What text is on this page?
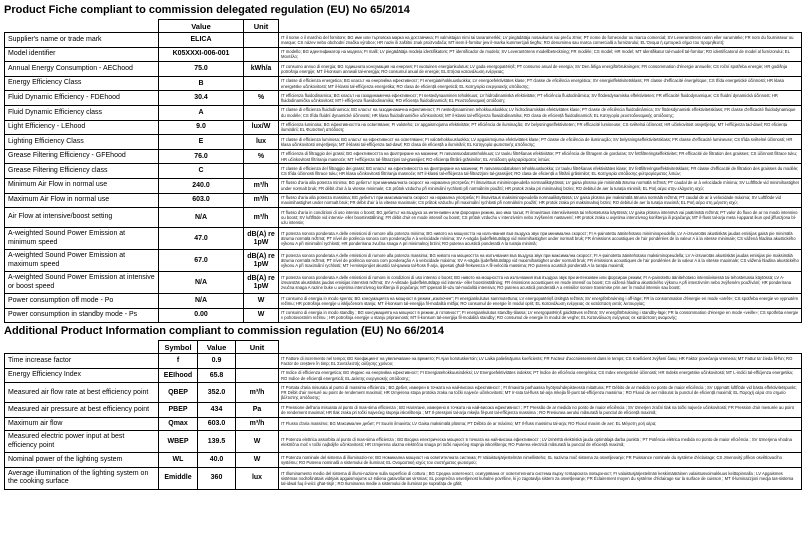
Product Fiche compliant to commission delegated regulation (EU) No 65/2014
	Value	Unit	
Supplier's name or trade mark	ELICA		IT il nome o il marchio del fornitore; BG име или търговска марка на доставчика; FI valmistajan nimi tai tavaramerkki; LV piegādātāja nosaukums vai preču zīme; PT nome do fornecedor ou marca comercial; SV Leverantörens namn eller varumärke; FR nom du fournisseur ou marque; CS název nebo obchodní značka výrobce; HR naziv ili zaštitni znak proizvođača; MT isem il-fornitur jew il-marka kummerċjali tiegħu; RO denumirea sau marca comercială a furnizorului; EL Όνομα ή εμπορικό σήμα του προμηθευτή;
Model identifier	K05XXXI-006-001		IT modello; BG идентификатор на модела; FI malli; LV piegādātāja modeļa identifikators; PT identificador de modelo; SV Leverantörens modellbeteckning; FR modèle; CS model; HR model; MT Identifikatur tal-mudell tal-fornitur; RO identificatorul de model al furnizorului; EL Μοντέλο;
Annual Energy Consumption - AEChood	75.0	kWh/a	IT consumo annuo di energia; BG годишната консумация на енергия; FI vuotuinen energiankulutus; LV gada energopatēriņš; PT consumo anual de energia; SV Den årliga energiförbrukningen; FR consommation d'énergie annuelle; CS roční spotřeba energie; HR godišnja potrošnja energije; MT il-konsum annwali tal-enerġija; RO consumul anual de energie; EL Ετήσια κατανάλωση ενέργειας;
Energy Efficiency Class	B		IT classe di efficienza energetica; BG класът на енергийна ефективност; FI energiatehokkuusluokka; LV energoefektivitātes klase; PT classe de eficiência energética; SV energieffektivitetsklass; FR classe d'efficacité énergétique; CS třída energetické účinnosti; HR klasa energetske učinkovitosti; MT il-klassi tal-effiċjenza enerġetika; RO clasa de eficiență energetică; EL Κατηγορία ενεργειακής απόδοσης;
Fluid Dynamic Efficiency - FDEhood	30.4	%	IT efficienza fluidodinamica; BG класът на газодинамична ефективност; FI nestedynaaminen tehokkuus; LV hidrodinamiskā efektivitāte; PT eficiência fluidodinâmica; SV flödesdynamiska effektiviteten; FR efficacité fluidodynamique; CS fluidní dynamická účinnost; HR fluidodinamička učinkovitost; MT l-effiċjenza fluwidodinamika; RO eficiența fluidodinamică; EL Ρευστοδυναμική απόδοση;
Fluid Dynamic Efficiency class	A		IT classe di efficienza fluidodinamica; BG класът на газодинамична ефективност; FI nestedynaaminen tehokkuusluokka; LV hidrodinamiskās efektivitātes klase; PT classe de eficiência fluidodinâmica; SV flödesdynamisk effektivitetsklass; FR classe d'efficacité fluidodynamique du modèle; CS třída fluidní dynamické účinnosti; HR klasa fluidodinamičke učinkovitosti; MT il-klassi tal-effiċjenza fluwidodinamika; RO clasa de eficiență fluidodinamică; EL Κατηγορία ρευστοδυναμικής απόδοσης;
Light Efficiency - LEhood	9.0	lux/W	IT efficienza luminosa; BG ефективността на осветяване; FI valoteho; LV apgaismojuma efektivitāte; PT eficiência de iluminação; SV belysningseffektiviteten; FR efficacité lumineuse; CS světelná účinnost; HR učinkovitost osvjetljenja; MT l-effiċjenza tad-dawl; RO eficiența iluminării; EL Φωτιστική απόδοση;
Lighting Efficiency Class	E	lux	IT classe di efficienza luminosa; BG класът на ефективност на осветяване; FI valotehokkuusluokka; LV apgaismojuma efektivitātes klase; PT classe de eficiência de iluminação; SV belysningseffektivitetsklass; FR classe d'efficacité lumineuse; CS třída světelné účinnosti; HR klasa učinkovitosti osvjetljenja; MT il-klassi tal-effiċjenza tad-dawl; RO clasa de eficiență a iluminării; EL Κατηγορία φωτιστικής απόδοσης;
Grease Filtering Efficiency - GFEhood	76.0	%	IT efficienza di filtraggio dei grassi; BG ефективността на филтриране на мазнини; FI rasvansuodatustehokkuus; LV tauku filtrēšanas efektivitāte; PT eficiência de filtragem de gorduras; SV fettfiltreringseffektivitet; FR efficacité de filtration des graisses; CS účinnost filtrace tuku; HR učinkovitost filtriranja masnoće; MT l-effiċjenza tal-filtrazzjoni tal-grassijiet; RO eficiența filtrării grăsimilor; EL Απόδοση φιλτραρίσματος λιπών;
Grease Filtering Efficiency class	C		IT classe di efficienza del filtraggio dei grassi; BG класът на ефективността на филтриране на мазнини; FI rasvansuodatuksen tehokkuusluokka; LV tauku filtrēšanas efektivitātes klase; SV fettfiltreringseffektivitetsklass; FR classe d'efficacité de filtration des graisses du modèle; CS třída účinnosti filtrace tuku; HR klasa učinkovitosti filtriranja masnoće; MT il-klassi tal-effiċjenza tal-filtrazzjoni tal-grassijiet; RO clasa de eficiență a filtrării grăsimilor; EL Κατηγορία απόδοσης φιλτραρίσματος λιπών;
Minimum Air Flow in normal use	240.0	m³/h	IT flusso d'aria alla potenza minima; BG дебитът при минималната скорост на нормална употреба; FI ilmavirtaus miniminopeudella normaalikäytössä; LV gaisa plūsma pie minimālā ātruma normālā režīmā; PT caudal de ar à velocidade mínima; SV Luftflöde vid minimihastighet under normalt bruk; FR débit d'air à la vitesse minimale; CS průtok vzduchu při minimální rychlosti při normálním použití; HR protok zraka pri minimalnoj brzini; RO debitul de aer la turația minimă; EL Ροή αέρα στην ελάχιστη ισχύ;
Maximum Air Flow in normal use	603.0	m³/h	IT flusso d'aria alla potenza massima; BG дебитът при максималната скорост на нормална употреба; FI ilmavirtaus maksiminopeudella normaalikäytössä; LV gaisa plūsma pie maksimālā ātruma normālā režīmā; PT caudal de ar à velocidade máxima; SV Luftflöde vid maximihastighet under normalt bruk; FR débit d'air à la vitesse maximale; CS průtok vzduchu při maximální rychlosti při normálním použití; HR protok zraka pri maksimalnoj brzini; RO debitul de aer la turația maximă; EL Ροή αέρα στη μέγιστη ισχύ;
Air Flow at intensive/boost setting	N/A	m³/h	IT flusso d'aria in condizioni di uso intenso o boost; BG дебитът на въздуха за интензивен или форсиран режим, ако има такъв; FI ilmavirtaus intensiivisessä tai tehostetussa käytössä; LV gaisa plūsma intensīvā vai paātrinātā režīmā; PT valor do fluxo de ar no modo intensivo ou boost; SV luftflöde vid intensiv- eller boostinställning; FR débit d'air en mode intensif ou boost; CS průtok vzduchu v intenzivním nebo zvýšeném nastavení; HR protok zraka u uvjetima intenzivnog korištenja ili pojačanja; MT il-fluss tal-arja meta l-apparat ikun qed jiffunzjona bl-użu intensiv;
A-weighted Sound Power Emission at minimum speed	47.0	dB(A) re 1pW	IT potenza sonora ponderata A delle emissioni di rumore alla potenza minima; BG нивото на мощността на излъчвания във въздуха звук при минимална скорост; FI A-painotettu äänitehotaso miniminopeudella; LV A-izsvarotās akustiskās jaudas emisijas gaisā pie minimālā ātruma normālā režīmā; PT nível de potência sonora com ponderação A à velocidade mínima; SV A-vägda ljudeffektutsläpp vid minimihastighet under normalt bruk; FR émissions acoustiques de l'air pondérées de la valeur A à la vitesse minimale; CS vážená hladina akustického výkonu A při minimální rychlosti; HR ponderirana zvučna snaga A pri minimalnoj brzini; RO puterea acustică ponderată A la turația minimă;
A-weighted Sound Power Emission at maximum speed	67.0	dB(A) re 1pW	IT potenza sonora ponderata A delle emissioni di rumore alla potenza massima; BG нивото на мощността на излъчвания във въздуха звук при максимална скорост; FI A-painotettu äänitehotaso maksiminopeudella; LV A-izsvarotās akustiskās jaudas emisijas pie maksimālā ātruma normālā režīmā; PT nível de potência sonora com ponderação A à velocidade máxima; SV A-vägda ljudeffektutsläpp vid maximihastighet under normalt bruk; FR émissions acoustiques de l'air pondérées de la valeur A à la vitesse maximale; CS vážená hladina akustického výkonu A při maximální rychlosti; MT l-emissjonijiet akustiċi tal-qawwa tal-ħoss fl-arja, ippesati għall-frekwenza A fil-veloċità massima; RO puterea acustică ponderată A la turația maximă;
A-weighted Sound Power Emission at intensive or boost speed	N/A	dB(A) re 1pW	IT potenza sonora ponderata A delle emissioni di rumore in condizioni di uso intenso o boost; BG нивото на мощността на излъчвания във въздуха звук при интензивен или форсиран режим; FI A-painotettu äänitehotaso intensiivisessä tai tehostetussa käytössä; LV A-izsvarotās akustiskās jaudas emisijas intensīvā režīmā; SV A-viktade ljudeffektutsläpp vid intensiv- eller boostinställning; FR émissions acoustiques en mode intensif ou boost; CS vážená hladina akustického výkonu A při intenzivním nebo zvýšeném používání; HR ponderirana zvučna snaga A razine buke u uvjetima intenzivnog korištenja ili pojačanja; MT ippesati bl-użu tal-modalità intensiva; RO puterea acustică ponderată A a emisiilor sonore transmise prin aer în modul intensiv sau boost;
Power consumption off mode - Po	N/A	W	IT consumo di energia in modo spento; BG консумацията на мощност в режим „изключен“; FI energiankulutus sammutettuna; LV energopatēriņš izslēgtā režīmā; SV energiförbrukning i off-läge; FR la consommation d'énergie en mode «arrêt»; CS spotřeba energie ve vypnutém režimu; HR potrošnja energije u isključenom stanju; MT il-konsum tal-enerġija fil-modalità mitfija; RO consumul de energie în modul oprit; EL Κατανάλωση ενέργειας σε κατάσταση εκτός λειτουργίας;
Power consumption in standby mode - Ps	0.00	W	IT consumo di energia in modo standby ; BG консумацията на мощност в режим „в готовност“; FI energiankulutus standby-tilassa; LV energopatēriņš gaidstāves režīmā; SV energiförbrukning i standby-läge; FR la consommation d'énergie en mode «veille»; CS spotřeba energie v pohotovostním režimu ; HR potrošnja energije u stanju pripravnosti; MT il-konsum tal-enerġija fil-modalità standby; RO consumul de energie în modul de veghe; EL Κατανάλωση ενέργειας σε κατάσταση αναμονής;
Additional Product Information compliant to commission regulation (EU) No 66/2014
	Symbol	Value	Unit	
Time increase factor	f	0.9		IT Fattore di incremento nel tempo; BG Коефициент на увеличаване на времето; FI Ajan korotuskerroin; LV Laika palielinājuma koeficients; FR Facteur d'accroissement dans le temps; CS Koeficient zvýšení času; HR Faktor povećanja vremena; MT Fattur ta' żieda fil-ħin; RO Factor de creștere în timp; EL Συντελεστής αύξησης χρόνου;
Energy Efficiency Index	EEIhood	65.8		IT Indice di efficienza energetica; BG Индекс на енергийна ефективност; FI Energiatehokkuusindeksi; LV Energoefektivitātes indekss; PT Índice de eficiência energética; CS Index energetické účinnosti; HR Indeks energetske učinkovitosti; MT L-indiċi tal-effiċjenza energetika; RO Indice de eficiență energetică; EL Δείκτης ενεργειακής απόδοσης;
Measured air flow rate at best efficiency point	QBEP	352.0	m³/h	IT Portata d'aria misurata al punto di massima efficienza ; BG Дебит, измерен в точката на най-висока ефективност ; FI Ilmavirta parhaassa hyötysuhdepisteessä mitattuna; PT Débito de ar medido no ponto de maior eficiência ; SV Uppmätt luftflöde vid bästa effektivitetspunkt; FR Débit d'air mesuré au point de rendement maximal; HR Izmjerena stopa protoka zraka na točki najveće učinkovitosti; MT Ir-rata tal-fluss tal-arja mkejla fil-punt tal-effiċjenza massima ; RO Fluxul de aer măsurat la punctul de eficiență maximă; EL Παροχή αέρα στο σημείο βέλτιστης απόδοσης;
Measured air pressure at best efficiency point	PBEP	434	Pa	IT Pressione dell'aria misurata al punto di mas-sima efficienza ; BG Налягане, измерено в точката на най-висока ефективност ; PT Pressão de ar medida no ponto de maior eficiência ; SV Izmerjen zračni tlak na točki najveće učinkovitosti; FR Pression d'air mesurée au point de rendement maximal; HR tlak zraka pri točki najvećeg stupnja iskorištenja ; MT Il-pressjoni tal-arja mkejla fil-punt tal-effiċjenza massima ; RO Presiunea aerului măsurată la punctul de eficiență maximă;
Maximum air flow	Qmax	603.0	m³/h	IT Flusso d'aria massimo; BG Максимален дебит; FI Suurin ilmavirta; LV Gaisa maksimālā plūsma; PT Débito de ar máximo; MT Il-fluss massimu tal-arja; RO Fluxul maxim de aer; EL Μέγιστη ροή αέρα;
Measured electric power input at best efficiency point	WBEP	139.5	W	IT Potenza elettrica assorbita al punto di mas-sima efficienza ; BG Входна електрическа мощност в точката на най-висока ефективност ; LV izmērītā elektriskā jauda optimālajā darba punktā ; PT Potência elétrica medida no ponto de maior eficiência ; SV Izmerjena vhodna električna moč v točki najboljše učinkovitosti; HR Izmjerena ulazna električna snaga pri točki najvećeg stupnja iskorištenja; RO Puterea electrică măsurată la punctul de eficiență maximă;
Nominal power of the lighting system	WL	40.0	W	IT Potenza nominale del sistema di illuminazio-ne; BG Номинална мощност на осветителната система; FI Valaistusjärjestelmän nimellisteho; SL nazivna moč sistema za osvetljevanje; FR Puissance nominale du système d'éclairage; CS Jmenovitý příkon osvětlovacího systému; RO Puterea nominală a sistemului de iluminat; EL Ονομαστική ισχύς του συστήματος φωτισμού;
Average illumination of the lighting system on the cooking surface	Emiddle	360	lux	IT Illuminamento medio del sistema di illumi-nazione sulla superficie di cottura ; BG Средна осветеност, осигурявана от осветителната система върху готварската повърхност; FI valaistusjärjestelmän keskimääräinen valaistusvoimakkuus keittopinnalla ; LV Apgaismes sistēmas nodrošinātais vidējais apgaismojums uz ēdiena gatavošanas virsmas; SL povprečna osvetljenost kuhalne površine, ki jo zagotavlja sistem za osvetljevanje; FR Éclairement moyen du système d'éclairage sur la surface de cuisson ; MT Il-luminazzjoni medja tas-sistema tal-idwal fuq il-wiċċ għat-tisjir ; RO Iluminarea medie a sistemului de iluminat pe suprafața de gătit;
